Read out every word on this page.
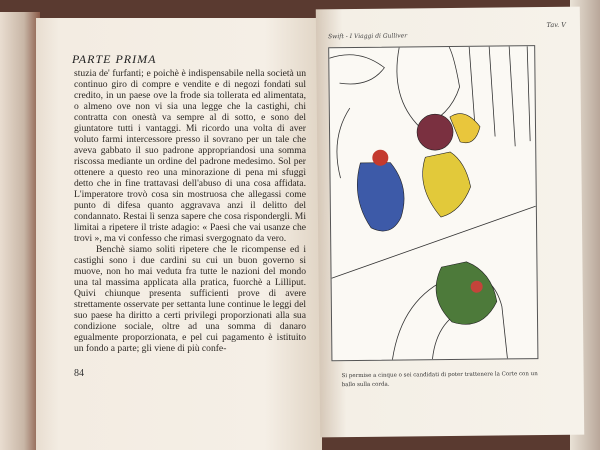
PARTE PRIMA

stuzia de' furfanti; e poichè è indispensabile nella società un continuo giro di compre e vendite e di negozi fondati sul credito, in un paese ove la frode sia tollerata ed alimentata, o almeno ove non vi sia una legge che la castighi, chi contratta con onestà va sempre al di sotto, e sono del giuntatore tutti i vantaggi. Mi ricordo una volta di aver voluto farmi intercessore presso il sovrano per un tale che aveva gabbato il suo padrone appropriandosi una somma riscossa mediante un ordine del padrone medesimo. Sol per ottenere a questo reo una minorazione di pena mi sfuggì detto che in fine trattavasi dell'abuso di una cosa affidata. L'imperatore trovò cosa sin mostruosa che allegassi come punto di difesa quanto aggravava anzi il delitto del condannato. Restai lì senza sapere che cosa rispondergli. Mi limitai a ripetere il triste adagio: « Paesi che vai usanze che trovi », ma vi confesso che rimasi svergognato da vero.

Benchè siamo soliti ripetere che le ricompense ed i castighi sono i due cardini su cui un buon governo si muove, non ho mai veduta fra tutte le nazioni del mondo una tal massima applicata alla pratica, fuorchè a Lilliput. Quivi chiunque presenta sufficienti prove di avere strettamente osservate per settanta lune continue le leggi del suo paese ha diritto a certi privilegi proporzionati alla sua condizione sociale, oltre ad una somma di danaro egualmente proporzionata, e pel cui pagamento è istituito un fondo a parte; gli viene di più confe-

84
Swift - I Viaggi di Gulliver
Tav. V
Si permise a cinque o sei candidati di poter trattenere la Corte con un ballo sulla corda.
